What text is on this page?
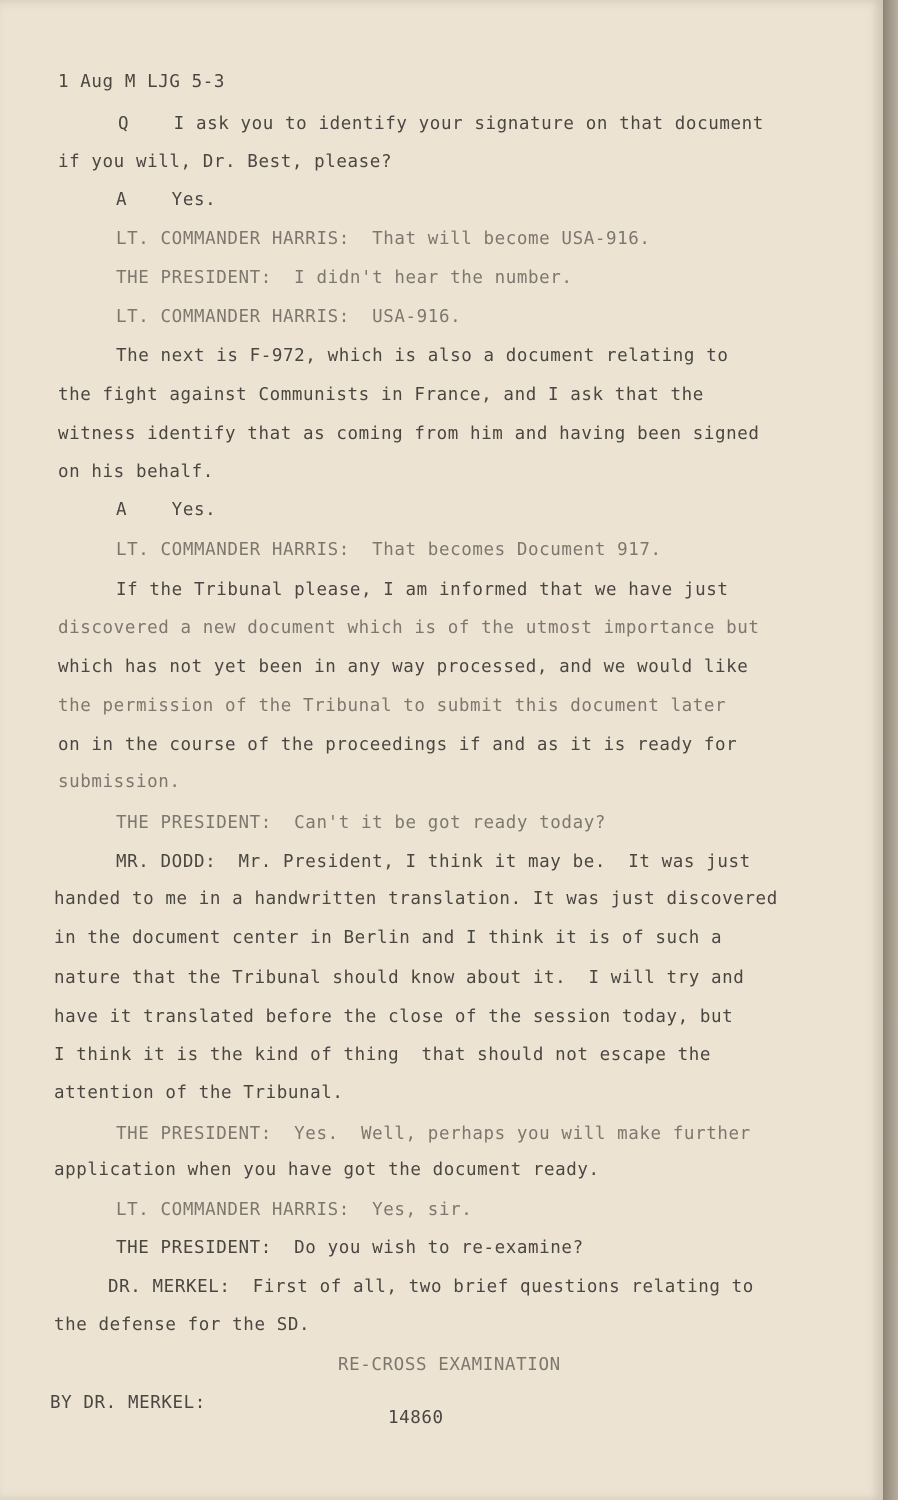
1 Aug M LJG 5-3
Q    I ask you to identify your signature on that document
if you will, Dr. Best, please?
A    Yes.
LT. COMMANDER HARRIS:  That will become USA-916.
THE PRESIDENT:  I didn't hear the number.
LT. COMMANDER HARRIS:  USA-916.
The next is F-972, which is also a document relating to
the fight against Communists in France, and I ask that the
witness identify that as coming from him and having been signed
on his behalf.
A    Yes.
LT. COMMANDER HARRIS:  That becomes Document 917.
If the Tribunal please, I am informed that we have just
discovered a new document which is of the utmost importance but
which has not yet been in any way processed, and we would like
the permission of the Tribunal to submit this document later
on in the course of the proceedings if and as it is ready for
submission.
THE PRESIDENT:  Can't it be got ready today?
MR. DODD:  Mr. President, I think it may be.  It was just
handed to me in a handwritten translation. It was just discovered
in the document center in Berlin and I think it is of such a
nature that the Tribunal should know about it.  I will try and
have it translated before the close of the session today, but
I think it is the kind of thing  that should not escape the
attention of the Tribunal.
THE PRESIDENT:  Yes.  Well, perhaps you will make further
application when you have got the document ready.
LT. COMMANDER HARRIS:  Yes, sir.
THE PRESIDENT:  Do you wish to re-examine?
DR. MERKEL:  First of all, two brief questions relating to
the defense for the SD.
RE-CROSS EXAMINATION
BY DR. MERKEL:
14860
